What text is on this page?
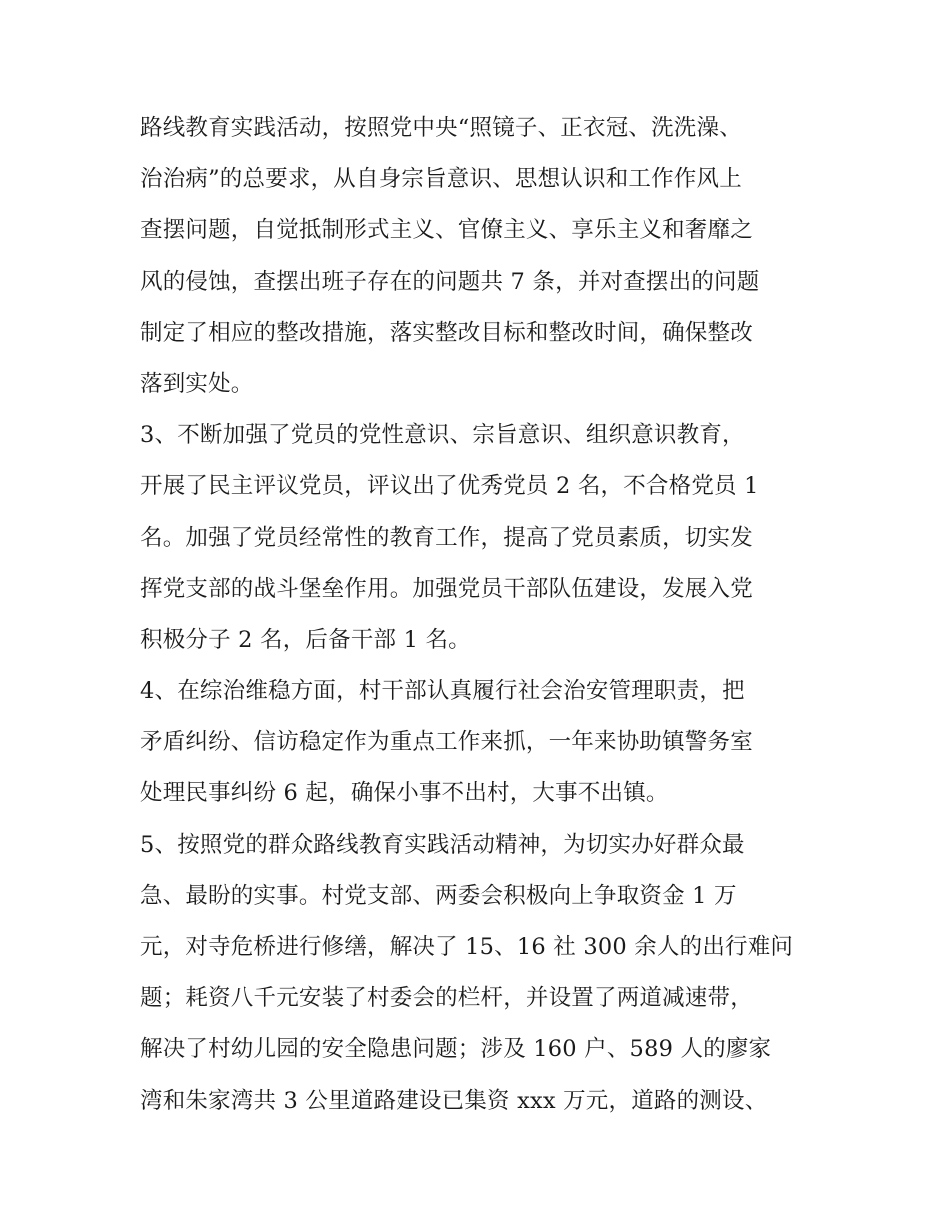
路线教育实践活动，按照党中央“照镜子、正衣冠、洗洗澡、
治治病”的总要求，从自身宗旨意识、思想认识和工作作风上
查摆问题，自觉抵制形式主义、官僚主义、享乐主义和奢靡之
风的侵蚀，查摆出班子存在的问题共 7 条，并对查摆出的问题
制定了相应的整改措施，落实整改目标和整改时间，确保整改
落到实处。
3、不断加强了党员的党性意识、宗旨意识、组织意识教育，
开展了民主评议党员，评议出了优秀党员 2 名，不合格党员 1
名。加强了党员经常性的教育工作，提高了党员素质，切实发
挥党支部的战斗堡垒作用。加强党员干部队伍建设，发展入党
积极分子 2 名，后备干部 1 名。
4、在综治维稳方面，村干部认真履行社会治安管理职责，把
矛盾纠纷、信访稳定作为重点工作来抓，一年来协助镇警务室
处理民事纠纷 6 起，确保小事不出村，大事不出镇。
5、按照党的群众路线教育实践活动精神，为切实办好群众最
急、最盼的实事。村党支部、两委会积极向上争取资金 1 万
元，对寺危桥进行修缮，解决了 15、16 社 300 余人的出行难问
题；耗资八千元安装了村委会的栏杆，并设置了两道减速带，
解决了村幼儿园的安全隐患问题；涉及 160 户、589 人的廖家
湾和朱家湾共 3 公里道路建设已集资 xxx 万元，道路的测设、
